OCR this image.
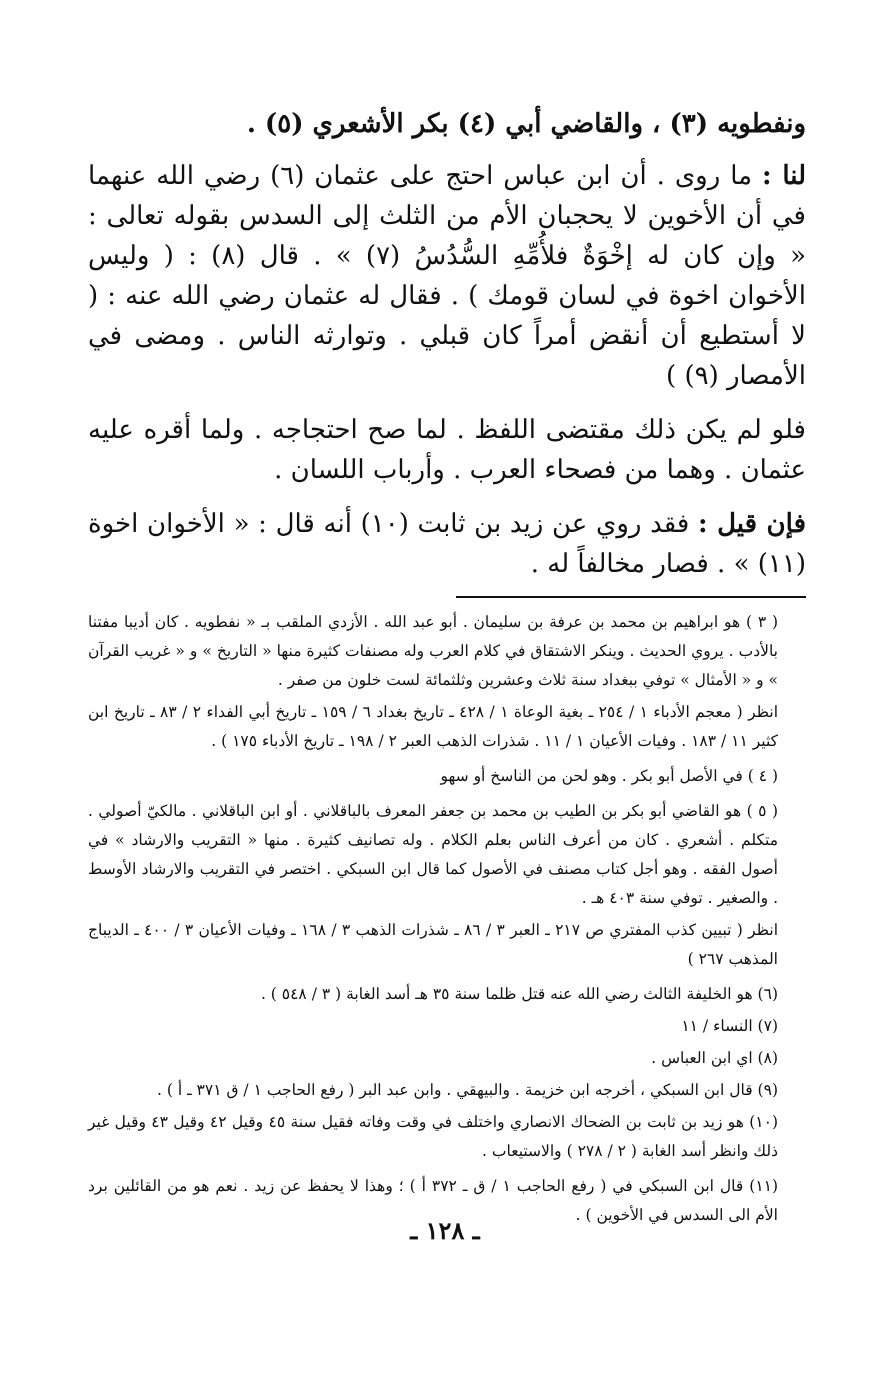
ونفطويه (٣) ، والقاضي أبي (٤) بكر الأشعري (٥) .

لنا : ما روى . أن ابن عباس احتج على عثمان (٦) رضي الله عنهما في أن الأخوين لا يحجبان الأم من الثلث إلى السدس بقوله تعالى : « وإن كان له إخْوَةٌ فلأُمِّهِ السُّدُسُ (٧) » . قال (٨) : ( وليس الأخوان اخوة في لسان قومك ) . فقال له عثمان رضي الله عنه : ( لا أستطيع أن أنقض أمراً كان قبلي . وتوارثه الناس . ومضى في الأمصار (٩) )

فلو لم يكن ذلك مقتضى اللفظ . لما صح احتجاجه . ولما أقره عليه عثمان . وهما من فصحاء العرب . وأرباب اللسان .

فإن قيل : فقد روي عن زيد بن ثابت (١٠) أنه قال : « الأخوان اخوة (١١) » . فصار مخالفاً له .

( ٣ ) هو ابراهيم بن محمد بن عرفة بن سليمان . أبو عبد الله . الأزدي الملقب بـ « نفطويه . كان أديبا مفتنا بالأدب . يروي الحديث . وينكر الاشتقاق في كلام العرب وله مصنفات كثيرة منها « التاريخ » و « غريب القرآن » و « الأمثال » توفي ببغداد سنة ثلاث وعشرين وثلثمائة لست خلون من صفر .

انظر ( معجم الأدباء ١ / ٢٥٤ ـ بغية الوعاة ١ / ٤٢٨ ـ تاريخ بغداد ٦ / ١٥٩ ـ تاريخ أبي الفداء ٢ / ٨٣ ـ تاريخ ابن كثير ١١ / ١٨٣ . وفيات الأعيان ١ / ١١ . شذرات الذهب العبر ٢ / ١٩٨ ـ تاريخ الأدباء ١٧٥ ) .

( ٤ ) في الأصل أبو بكر . وهو لحن من الناسخ أو سهو

( ٥ ) هو القاضي أبو بكر بن الطيب بن محمد بن جعفر المعرف بالباقلاني . أو ابن الباقلاني . مالكيّ أصولي . متكلم . أشعري . كان من أعرف الناس بعلم الكلام . وله تصانيف كثيرة . منها « التقريب والارشاد » في أصول الفقه . وهو أجل كتاب مصنف في الأصول كما قال ابن السبكي . اختصر في التقريب والارشاد الأوسط . والصغير . توفي سنة ٤٠٣ هـ .

انظر ( تبيين كذب المفتري ص ٢١٧ ـ العبر ٣ / ٨٦ ـ شذرات الذهب ٣ / ١٦٨ ـ وفيات الأعيان ٣ / ٤٠٠ ـ الديباج المذهب ٢٦٧ )

(٦) هو الخليفة الثالث رضي الله عنه قتل ظلما سنة ٣٥ هـ أسد الغابة ( ٣ / ٥٤٨ ) .

(٧) النساء / ١١

(٨) اي ابن العباس .

(٩) قال ابن السبكي ، أخرجه ابن خزيمة . والبيهقي . وابن عبد البر ( رفع الحاجب ١ / ق ٣٧١ ـ أ ) .

(١٠) هو زيد بن ثابت بن الضحاك الانصاري واختلف في وقت وفاته فقيل سنة ٤٥ وقيل ٤٢ وقيل ٤٣ وقيل غير ذلك وانظر أسد الغابة ( ٢ / ٢٧٨ ) والاستيعاب .

(١١) قال ابن السبكي في ( رفع الحاجب ١ / ق ـ ٣٧٢ أ ) ؛ وهذا لا يحفظ عن زيد . نعم هو من القائلين برد الأم الى السدس في الأخوين ) .

ـ ١٢٨ ـ
